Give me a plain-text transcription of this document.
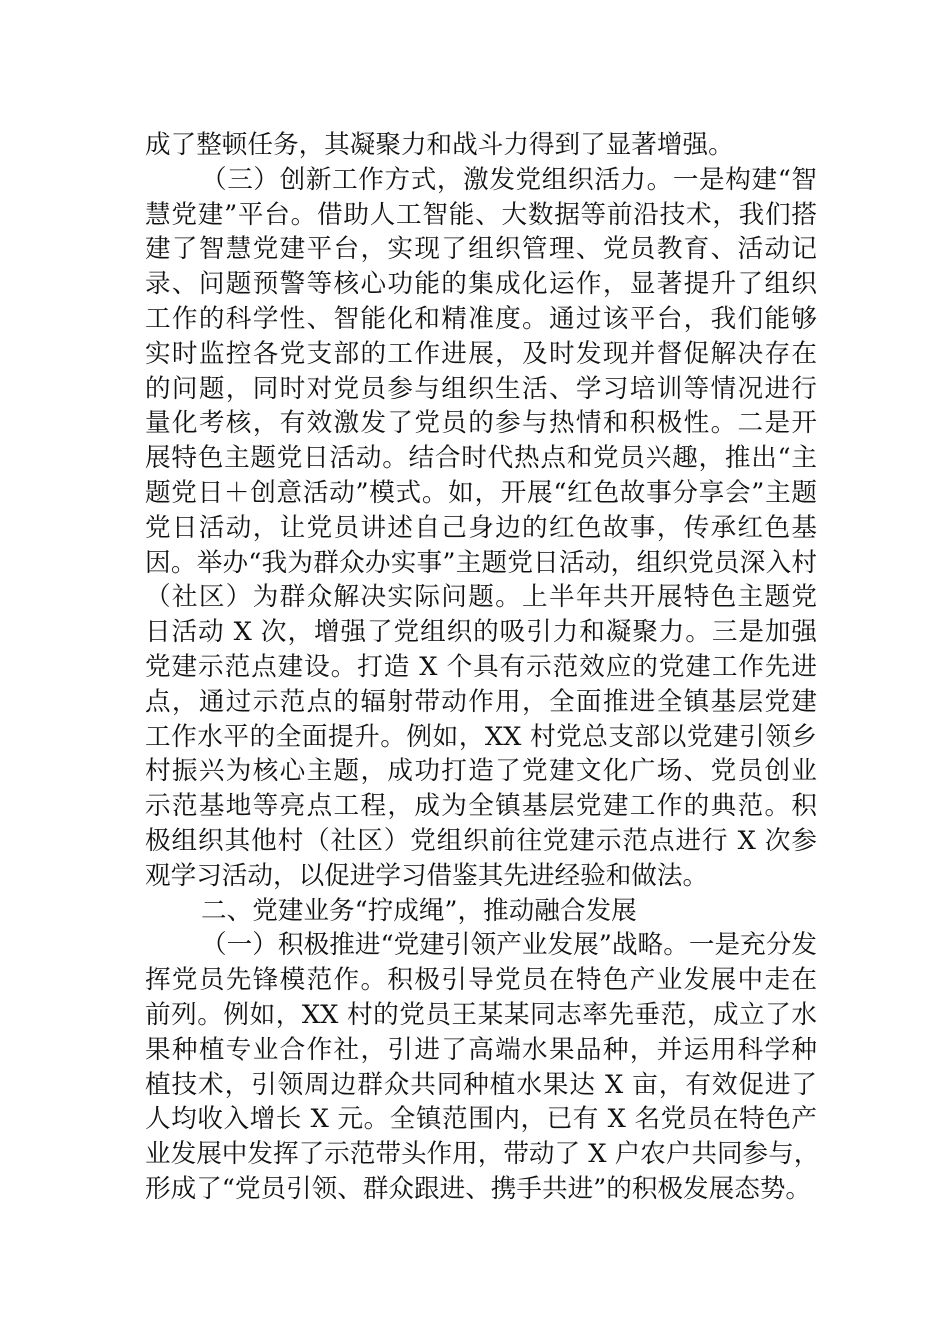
成了整顿任务，其凝聚力和战斗力得到了显著增强。
（三）创新工作方式，激发党组织活力。一是构建“智
慧党建”平台。借助人工智能、大数据等前沿技术，我们搭
建了智慧党建平台，实现了组织管理、党员教育、活动记
录、问题预警等核心功能的集成化运作，显著提升了组织
工作的科学性、智能化和精准度。通过该平台，我们能够
实时监控各党支部的工作进展，及时发现并督促解决存在
的问题，同时对党员参与组织生活、学习培训等情况进行
量化考核，有效激发了党员的参与热情和积极性。二是开
展特色主题党日活动。结合时代热点和党员兴趣，推出“主
题党日＋创意活动”模式。如，开展“红色故事分享会”主题
党日活动，让党员讲述自己身边的红色故事，传承红色基
因。举办“我为群众办实事”主题党日活动，组织党员深入村
（社区）为群众解决实际问题。上半年共开展特色主题党
日活动 X 次，增强了党组织的吸引力和凝聚力。三是加强
党建示范点建设。打造 X 个具有示范效应的党建工作先进
点，通过示范点的辐射带动作用，全面推进全镇基层党建
工作水平的全面提升。例如，XX 村党总支部以党建引领乡
村振兴为核心主题，成功打造了党建文化广场、党员创业
示范基地等亮点工程，成为全镇基层党建工作的典范。积
极组织其他村（社区）党组织前往党建示范点进行 X 次参
观学习活动，以促进学习借鉴其先进经验和做法。
二、党建业务“拧成绳”，推动融合发展
（一）积极推进“党建引领产业发展”战略。一是充分发
挥党员先锋模范作。积极引导党员在特色产业发展中走在
前列。例如，XX 村的党员王某某同志率先垂范，成立了水
果种植专业合作社，引进了高端水果品种，并运用科学种
植技术，引领周边群众共同种植水果达 X 亩，有效促进了
人均收入增长 X 元。全镇范围内，已有 X 名党员在特色产
业发展中发挥了示范带头作用，带动了 X 户农户共同参与，
形成了“党员引领、群众跟进、携手共进”的积极发展态势。
